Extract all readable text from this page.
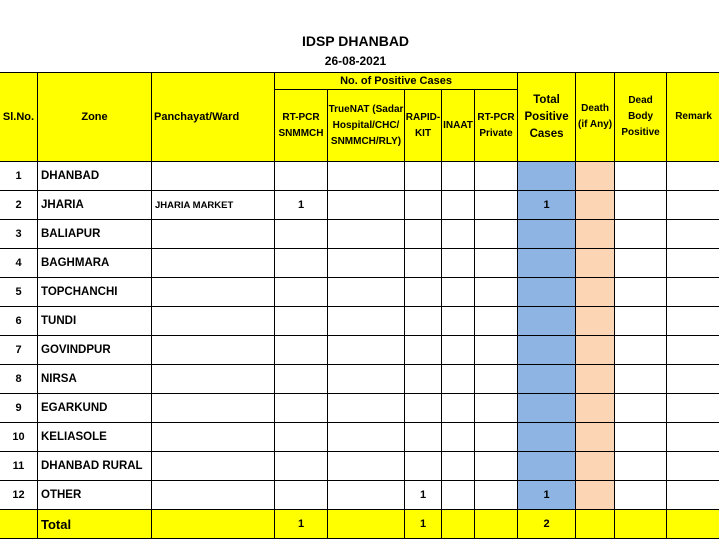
IDSP DHANBAD
26-08-2021
Sl.No.	Zone	Panchayat/Ward	No. of Positive Cases					Total Positive Cases	Death (if Any)	Dead Body Positive	Remark
			RT-PCR SNMMCH	TrueNAT (Sadar Hospital/CHC/ SNMMCH/RLY)	RAPID-KIT	INAAT	RT-PCR Private				
1	DHANBAD										
2	JHARIA	JHARIA MARKET	1					1			
3	BALIAPUR										
4	BAGHMARA										
5	TOPCHANCHI										
6	TUNDI										
7	GOVINDPUR										
8	NIRSA										
9	EGARKUND										
10	KELIASOLE										
11	DHANBAD RURAL										
12	OTHER				1			1			
	Total		1		1			2			
